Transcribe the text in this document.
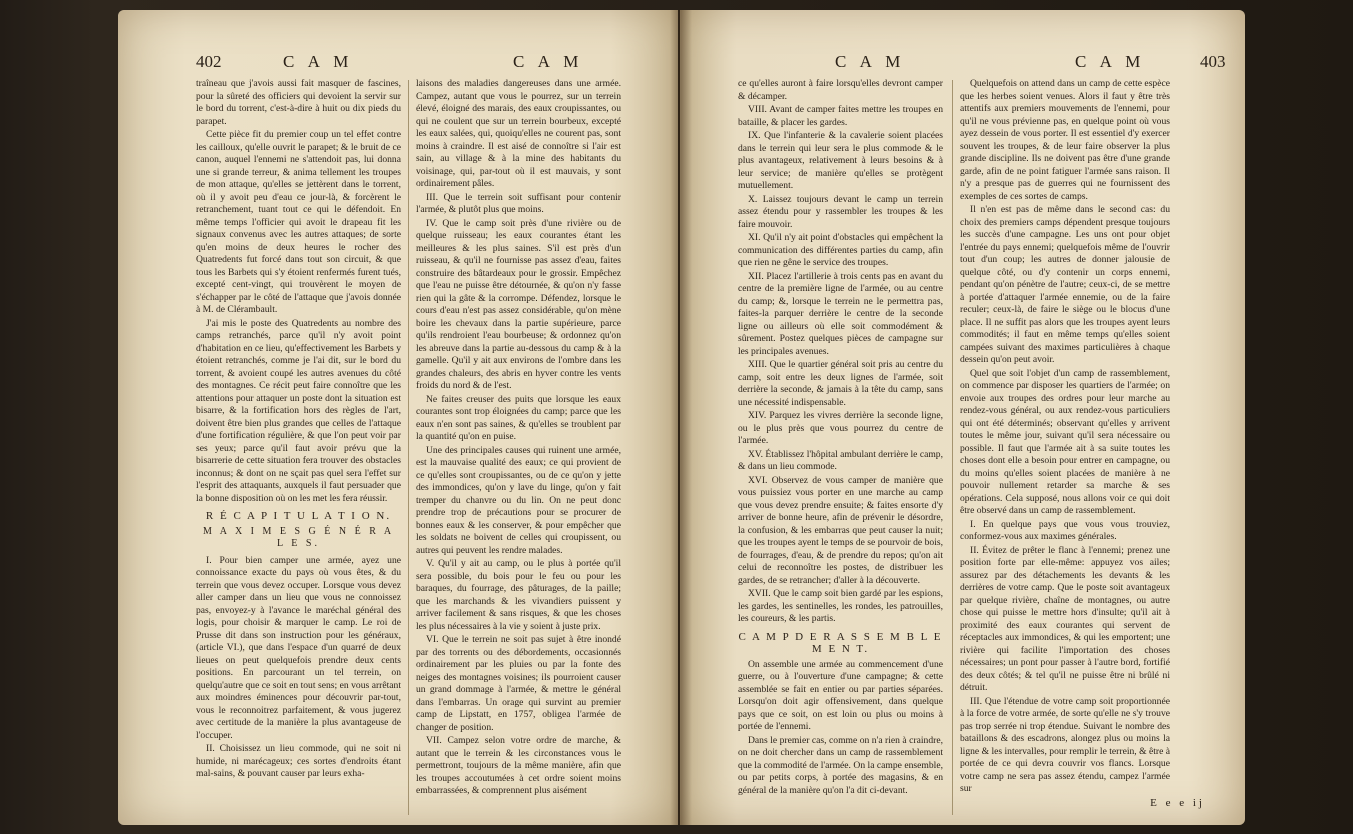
402	C A M	C A M

traîneau que j'avois aussi fait masquer de fascines, pour la sûreté des officiers qui devoient la servir sur le bord du torrent, c'est-à-dire à huit ou dix pieds du parapet.

Cette pièce fit du premier coup un tel effet contre les cailloux, qu'elle ouvrit le parapet; & le bruit de ce canon, auquel l'ennemi ne s'attendoit pas, lui donna une si grande terreur, & anima tellement les troupes de mon attaque, qu'elles se jettèrent dans le torrent, où il y avoit peu d'eau ce jour-là, & forcèrent le retranchement, tuant tout ce qui le défendoit. En même temps l'officier qui avoit le drapeau fit les signaux convenus avec les autres attaques; de sorte qu'en moins de deux heures le rocher des Quatredents fut forcé dans tout son circuit, & que tous les Barbets qui s'y étoient renfermés furent tués, excepté cent-vingt, qui trouvèrent le moyen de s'échapper par le côté de l'attaque que j'avois donnée à M. de Clérambault.

J'ai mis le poste des Quatredents au nombre des camps retranchés, parce qu'il n'y avoit point d'habitation en ce lieu, qu'effectivement les Barbets y étoient retranchés, comme je l'ai dit, sur le bord du torrent, & avoient coupé les autres avenues du côté des montagnes. Ce récit peut faire connoître que les attentions pour attaquer un poste dont la situation est bisarre, & la fortification hors des règles de l'art, doivent être bien plus grandes que celles de l'attaque d'une fortification régulière, & que l'on peut voir par ses yeux; parce qu'il faut avoir prévu que la bisarrerie de cette situation fera trouver des obstacles inconnus; & dont on ne sçait pas quel sera l'effet sur l'esprit des attaquants, auxquels il faut persuader que la bonne disposition où on les met les fera réussir.

R É C A P I T U L A T I O N.
M A X I M E S G É N É R A L E S.

I. Pour bien camper une armée, ayez une connoissance exacte du pays où vous êtes, & du terrein que vous devez occuper. Lorsque vous devez aller camper dans un lieu que vous ne connoissez pas, envoyez-y à l'avance le maréchal général des logis, pour choisir & marquer le camp. Le roi de Prusse dit dans son instruction pour les généraux, (article VI.), que dans l'espace d'un quarré de deux lieues on peut quelquefois prendre deux cents positions. En parcourant un tel terrein, on quelqu'autre que ce soit en tout sens; en vous arrêtant aux moindres éminences pour découvrir par-tout, vous le reconnoitrez parfaitement, & vous jugerez avec certitude de la manière la plus avantageuse de l'occuper.

II. Choisissez un lieu commode, qui ne soit ni humide, ni marécageux; ces sortes d'endroits étant mal-sains, & pouvant causer par leurs exha-

laisons des maladies dangereuses dans une armée. Campez, autant que vous le pourrez, sur un terrein élevé, éloigné des marais, des eaux croupissantes, ou qui ne coulent que sur un terrein bourbeux, excepté les eaux salées, qui, quoiqu'elles ne courent pas, sont moins à craindre. Il est aisé de connoître si l'air est sain, au village & à la mine des habitants du voisinage, qui, par-tout où il est mauvais, y sont ordinairement pâles.

III. Que le terrein soit suffisant pour contenir l'armée, & plutôt plus que moins.

IV. Que le camp soit près d'une rivière ou de quelque ruisseau; les eaux courantes étant les meilleures & les plus saines. S'il est près d'un ruisseau, & qu'il ne fournisse pas assez d'eau, faites construire des bâtardeaux pour le grossir. Empêchez que l'eau ne puisse être détournée, & qu'on n'y fasse rien qui la gâte & la corrompe. Défendez, lorsque le cours d'eau n'est pas assez considérable, qu'on mène boire les chevaux dans la partie supérieure, parce qu'ils rendroient l'eau bourbeuse; & ordonnez qu'on les abreuve dans la partie au-dessous du camp & à la gamelle. Qu'il y ait aux environs de l'ombre dans les grandes chaleurs, des abris en hyver contre les vents froids du nord & de l'est.

Ne faites creuser des puits que lorsque les eaux courantes sont trop éloignées du camp; parce que les eaux n'en sont pas saines, & qu'elles se troublent par la quantité qu'on en puise.

Une des principales causes qui ruinent une armée, est la mauvaise qualité des eaux; ce qui provient de ce qu'elles sont croupissantes, ou de ce qu'on y jette des immondices, qu'on y lave du linge, qu'on y fait tremper du chanvre ou du lin. On ne peut donc prendre trop de précautions pour se procurer de bonnes eaux & les conserver, & pour empêcher que les soldats ne boivent de celles qui croupissent, ou autres qui peuvent les rendre malades.

V. Qu'il y ait au camp, ou le plus à portée qu'il sera possible, du bois pour le feu ou pour les baraques, du fourrage, des pâturages, de la paille; que les marchands & les vivandiers puissent y arriver facilement & sans risques, & que les choses les plus nécessaires à la vie y soient à juste prix.

VI. Que le terrein ne soit pas sujet à être inondé par des torrents ou des débordements, occasionnés ordinairement par les pluies ou par la fonte des neiges des montagnes voisines; ils pourroient causer un grand dommage à l'armée, & mettre le général dans l'embarras. Un orage qui survint au premier camp de Lipstatt, en 1757, obligea l'armée de changer de position.

VII. Campez selon votre ordre de marche, & autant que le terrein & les circonstances vous le permettront, toujours de la même manière, afin que les troupes accoutumées à cet ordre soient moins embarrassées, & comprennent plus aisément

C A M	C A M	403

ce qu'elles auront à faire lorsqu'elles devront camper & décamper.

VIII. Avant de camper faites mettre les troupes en bataille, & placer les gardes.

IX. Que l'infanterie & la cavalerie soient placées dans le terrein qui leur sera le plus commode & le plus avantageux, relativement à leurs besoins & à leur service; de manière qu'elles se protègent mutuellement.

X. Laissez toujours devant le camp un terrein assez étendu pour y rassembler les troupes & les faire mouvoir.

XI. Qu'il n'y ait point d'obstacles qui empêchent la communication des différentes parties du camp, afin que rien ne gêne le service des troupes.

XII. Placez l'artillerie à trois cents pas en avant du centre de la première ligne de l'armée, ou au centre du camp; &, lorsque le terrein ne le permettra pas, faites-la parquer derrière le centre de la seconde ligne ou ailleurs où elle soit commodément & sûrement. Postez quelques pièces de campagne sur les principales avenues.

XIII. Que le quartier général soit pris au centre du camp, soit entre les deux lignes de l'armée, soit derrière la seconde, & jamais à la tête du camp, sans une nécessité indispensable.

XIV. Parquez les vivres derrière la seconde ligne, ou le plus près que vous pourrez du centre de l'armée.

XV. Établissez l'hôpital ambulant derrière le camp, & dans un lieu commode.

XVI. Observez de vous camper de manière que vous puissiez vous porter en une marche au camp que vous devez prendre ensuite; & faites ensorte d'y arriver de bonne heure, afin de prévenir le désordre, la confusion, & les embarras que peut causer la nuit; que les troupes ayent le temps de se pourvoir de bois, de fourrages, d'eau, & de prendre du repos; qu'on ait celui de reconnoître les postes, de distribuer les gardes, de se retrancher; d'aller à la découverte.

XVII. Que le camp soit bien gardé par les espions, les gardes, les sentinelles, les rondes, les patrouilles, les coureurs, & les partis.

C A M P D E R A S S E M B L E M E N T.

On assemble une armée au commencement d'une guerre, ou à l'ouverture d'une campagne; & cette assemblée se fait en entier ou par parties séparées. Lorsqu'on doit agir offensivement, dans quelque pays que ce soit, on est loin ou plus ou moins à portée de l'ennemi.

Dans le premier cas, comme on n'a rien à craindre, on ne doit chercher dans un camp de rassemblement que la commodité de l'armée. On la campe ensemble, ou par petits corps, à portée des magasins, & en général de la manière qu'on l'a dit ci-devant.

Quelquefois on attend dans un camp de cette espèce que les herbes soient venues. Alors il faut y être très attentifs aux premiers mouvements de l'ennemi, pour qu'il ne vous prévienne pas, en quelque point où vous ayez dessein de vous porter. Il est essentiel d'y exercer souvent les troupes, & de leur faire observer la plus grande discipline. Ils ne doivent pas être d'une grande garde, afin de ne point fatiguer l'armée sans raison. Il n'y a presque pas de guerres qui ne fournissent des exemples de ces sortes de camps.

Il n'en est pas de même dans le second cas: du choix des premiers camps dépendent presque toujours les succès d'une campagne. Les uns ont pour objet l'entrée du pays ennemi; quelquefois même de l'ouvrir tout d'un coup; les autres de donner jalousie de quelque côté, ou d'y contenir un corps ennemi, pendant qu'on pénètre de l'autre; ceux-ci, de se mettre à portée d'attaquer l'armée ennemie, ou de la faire reculer; ceux-là, de faire le siège ou le blocus d'une place. Il ne suffit pas alors que les troupes ayent leurs commodités; il faut en même temps qu'elles soient campées suivant des maximes particulières à chaque dessein qu'on peut avoir.

Quel que soit l'objet d'un camp de rassemblement, on commence par disposer les quartiers de l'armée; on envoie aux troupes des ordres pour leur marche au rendez-vous général, ou aux rendez-vous particuliers qui ont été déterminés; observant qu'elles y arrivent toutes le même jour, suivant qu'il sera nécessaire ou possible. Il faut que l'armée ait à sa suite toutes les choses dont elle a besoin pour entrer en campagne, ou du moins qu'elles soient placées de manière à ne pouvoir nullement retarder sa marche & ses opérations. Cela supposé, nous allons voir ce qui doit être observé dans un camp de rassemblement.

I. En quelque pays que vous vous trouviez, conformez-vous aux maximes générales.

II. Évitez de prêter le flanc à l'ennemi; prenez une position forte par elle-même: appuyez vos ailes; assurez par des détachements les devants & les derrières de votre camp. Que le poste soit avantageux par quelque rivière, chaîne de montagnes, ou autre chose qui puisse le mettre hors d'insulte; qu'il ait à proximité des eaux courantes qui servent de réceptacles aux immondices, & qui les emportent; une rivière qui facilite l'importation des choses nécessaires; un pont pour passer à l'autre bord, fortifié des deux côtés; & tel qu'il ne puisse être ni brûlé ni détruit.

III. Que l'étendue de votre camp soit proportionnée à la force de votre armée, de sorte qu'elle ne s'y trouve pas trop serrée ni trop étendue. Suivant le nombre des bataillons & des escadrons, alongez plus ou moins la ligne & les intervalles, pour remplir le terrein, & être à portée de ce qui devra couvrir vos flancs. Lorsque votre camp ne sera pas assez étendu, campez l'armée sur

E e e ij
